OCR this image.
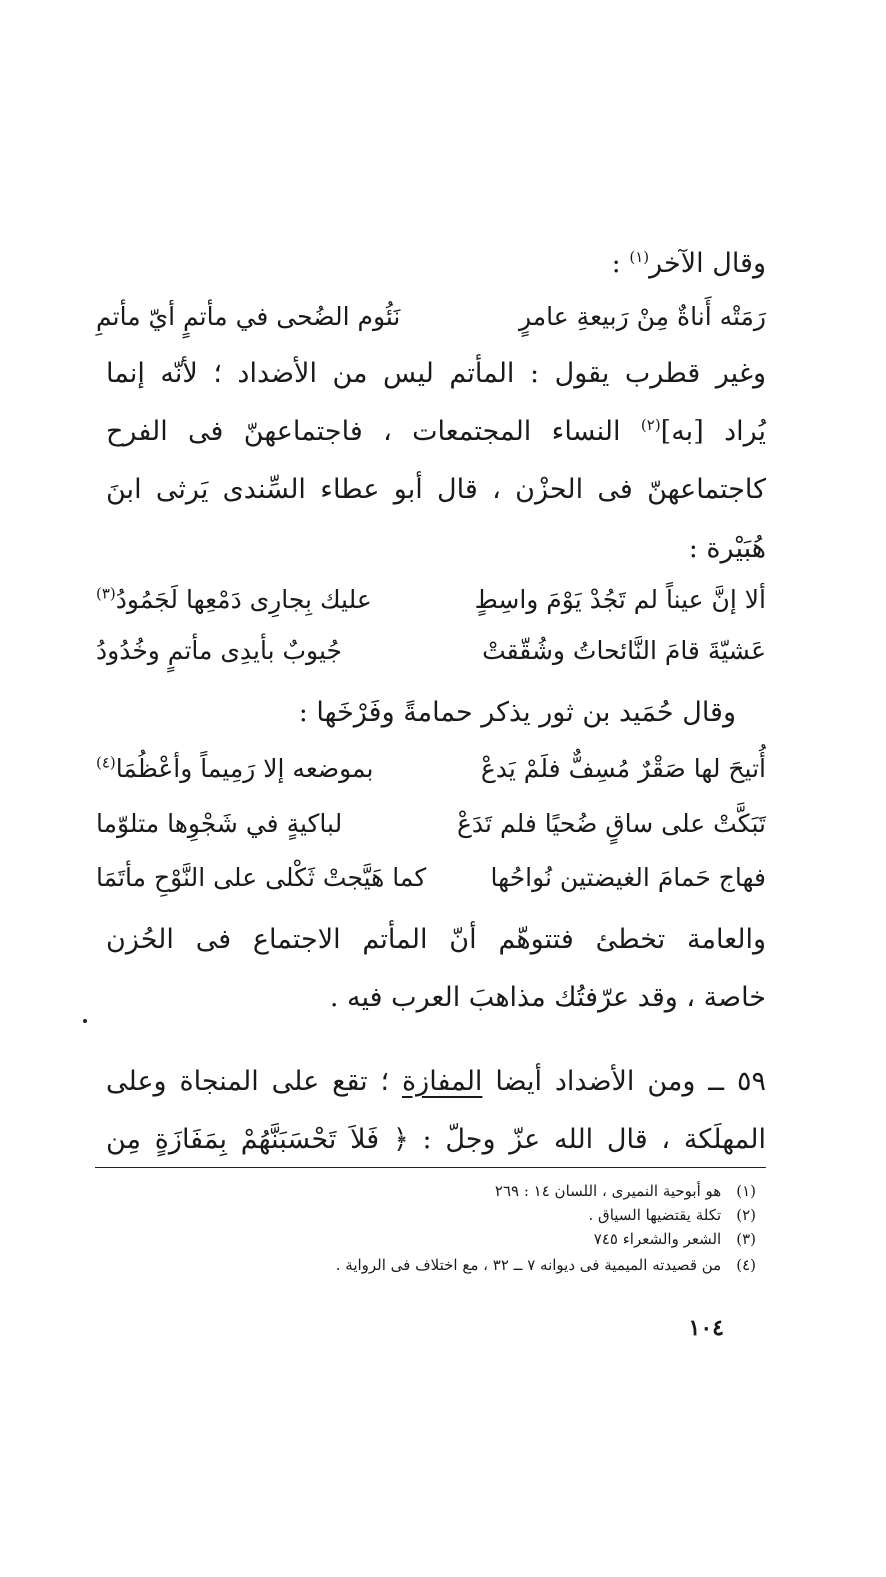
وقال الآخر$^{(١)}$ :
رَمَتْه أَناةٌ مِنْ رَبيعةِ عامرٍ
نَئُوم الضُحى في مأتمٍ أيّ مأتمِ
وغير قطرب يقول : المأتم ليس من الأضداد ؛ لأنّه إنما
يُراد [به]$^{(٢)}$ النساء المجتمعات ، فاجتماعهنّ فى الفرح
كاجتماعهنّ فى الحزْن ، قال أبو عطاء السِّندى يَرثى ابنَ
هُبَيْرة :
ألا إنَّ عيناً لم تَجُدْ يَوْمَ واسِطٍ
عليك بِجارِى دَمْعِها لَجَمُودُ$^{(٣)}$
عَشيّةَ قامَ النَّائحاتُ وشُقّقتْ
جُيوبٌ بأيدِى مأتمٍ وخُدُودُ
وقال حُمَيد بن ثور يذكر حمامةً وفَرْخَها :
أُتيحَ لها صَقْرٌ مُسِفٌّ فلَمْ يَدعْ
بموضعه إلا رَمِيماً وأعْظُمَا$^{(٤)}$
تَبَكَّتْ على ساقٍ ضُحيًا فلم تَدَعْ
لباكيةٍ في شَجْوِها متلوّما
فهاج حَمامَ الغيضتين نُواحُها
كما هَيَّجتْ ثَكْلى على النَّوْحِ مأتَمَا
والعامة تخطئ فتتوهّم أنّ المأتم الاجتماع فى الحُزن
خاصة ، وقد عرّفتُك مذاهبَ العرب فيه .
٥٩ ــ ومن الأضداد أيضا المفازة ؛ تقع على المنجاة وعلى
المهلَكة ، قال الله عزّ وجلّ : ﴿ فَلاَ تَحْسَبَنَّهُمْ بِمَفَازَةٍ مِن
(١) هو أبوحية النميرى ، اللسان ١٤ : ٢٦٩
(٢) تكلة يقتضيها السياق .
(٣) الشعر والشعراء ٧٤٥
(٤) من قصيدته الميمية فى ديوانه ٧ ــ ٣٢ ، مع اختلاف فى الرواية .
١٠٤
